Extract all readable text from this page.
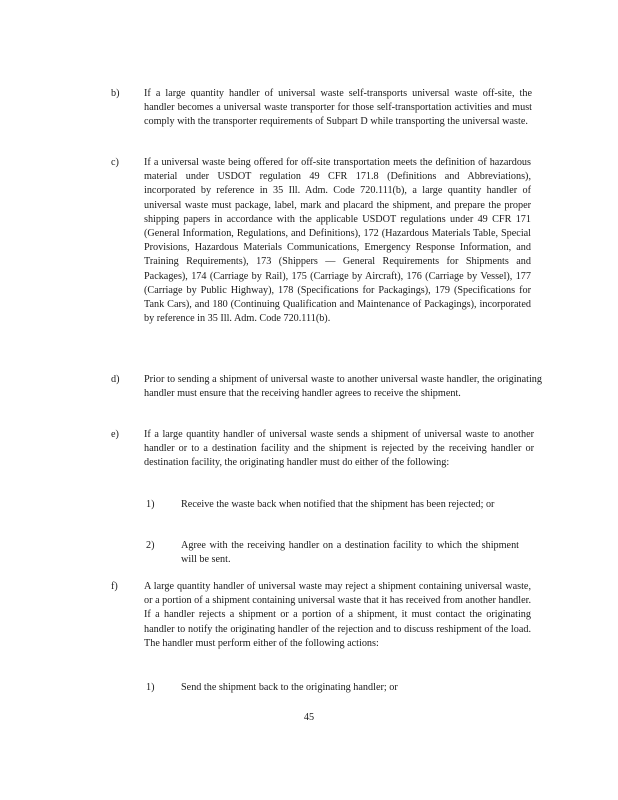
b) If a large quantity handler of universal waste self-transports universal waste off-site, the handler becomes a universal waste transporter for those self-transportation activities and must comply with the transporter requirements of Subpart D while transporting the universal waste.
c) If a universal waste being offered for off-site transportation meets the definition of hazardous material under USDOT regulation 49 CFR 171.8 (Definitions and Abbreviations), incorporated by reference in 35 Ill. Adm. Code 720.111(b), a large quantity handler of universal waste must package, label, mark and placard the shipment, and prepare the proper shipping papers in accordance with the applicable USDOT regulations under 49 CFR 171 (General Information, Regulations, and Definitions), 172 (Hazardous Materials Table, Special Provisions, Hazardous Materials Communications, Emergency Response Information, and Training Requirements), 173 (Shippers — General Requirements for Shipments and Packages), 174 (Carriage by Rail), 175 (Carriage by Aircraft), 176 (Carriage by Vessel), 177 (Carriage by Public Highway), 178 (Specifications for Packagings), 179 (Specifications for Tank Cars), and 180 (Continuing Qualification and Maintenance of Packagings), incorporated by reference in 35 Ill. Adm. Code 720.111(b).
d) Prior to sending a shipment of universal waste to another universal waste handler, the originating handler must ensure that the receiving handler agrees to receive the shipment.
e) If a large quantity handler of universal waste sends a shipment of universal waste to another handler or to a destination facility and the shipment is rejected by the receiving handler or destination facility, the originating handler must do either of the following:
1)	Receive the waste back when notified that the shipment has been rejected; or
2)	Agree with the receiving handler on a destination facility to which the shipment will be sent.
f)	A large quantity handler of universal waste may reject a shipment containing universal waste, or a portion of a shipment containing universal waste that it has received from another handler. If a handler rejects a shipment or a portion of a shipment, it must contact the originating handler to notify the originating handler of the rejection and to discuss reshipment of the load. The handler must perform either of the following actions:
1)	Send the shipment back to the originating handler; or
45
